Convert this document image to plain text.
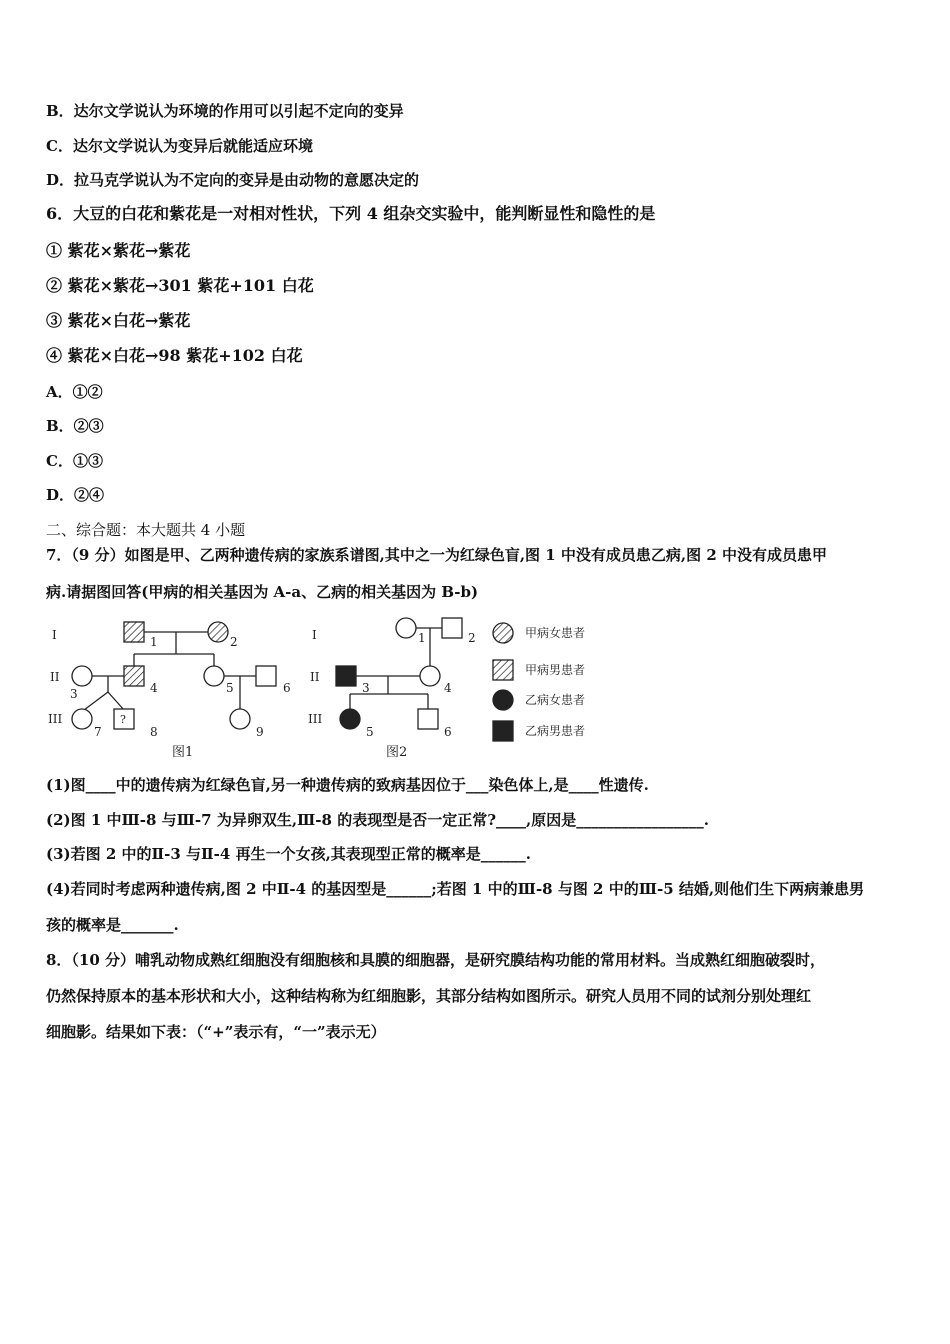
B．达尔文学说认为环境的作用可以引起不定向的变异
C．达尔文学说认为变异后就能适应环境
D．拉马克学说认为不定向的变异是由动物的意愿决定的
6．大豆的白花和紫花是一对相对性状，下列 4 组杂交实验中，能判断显性和隐性的是
① 紫花×紫花→紫花
② 紫花×紫花→301 紫花+101 白花
③ 紫花×白花→紫花
④ 紫花×白花→98 紫花+102 白花
A．①②
B．②③
C．①③
D．②④
二、综合题：本大题共 4 小题
7．（9 分）如图是甲、乙两种遗传病的家族系谱图,其中之一为红绿色盲,图 1 中没有成员患乙病,图 2 中没有成员患甲
病.请据图回答(甲病的相关基因为 A-a、乙病的相关基因为 B-b)
I
II
III
1	2
3	4	5	6
?
7	8	9
图1
I
II
III
1	2
3	4
5	6
图2
甲病女患者
甲病男患者
乙病女患者
乙病男患者
(1)图____中的遗传病为红绿色盲,另一种遗传病的致病基因位于___染色体上,是____性遗传.
(2)图 1 中Ⅲ-8 与Ⅲ-7 为异卵双生,Ⅲ-8 的表现型是否一定正常?____,原因是_________________.
(3)若图 2 中的Ⅱ-3 与Ⅱ-4 再生一个女孩,其表现型正常的概率是______.
(4)若同时考虑两种遗传病,图 2 中Ⅱ-4 的基因型是______;若图 1 中的Ⅲ-8 与图 2 中的Ⅲ-5 结婚,则他们生下两病兼患男
孩的概率是_______.
8．（10 分）哺乳动物成熟红细胞没有细胞核和具膜的细胞器，是研究膜结构功能的常用材料。当成熟红细胞破裂时，
仍然保持原本的基本形状和大小，这种结构称为红细胞影，其部分结构如图所示。研究人员用不同的试剂分别处理红
细胞影。结果如下表：（“+”表示有，“一”表示无）
